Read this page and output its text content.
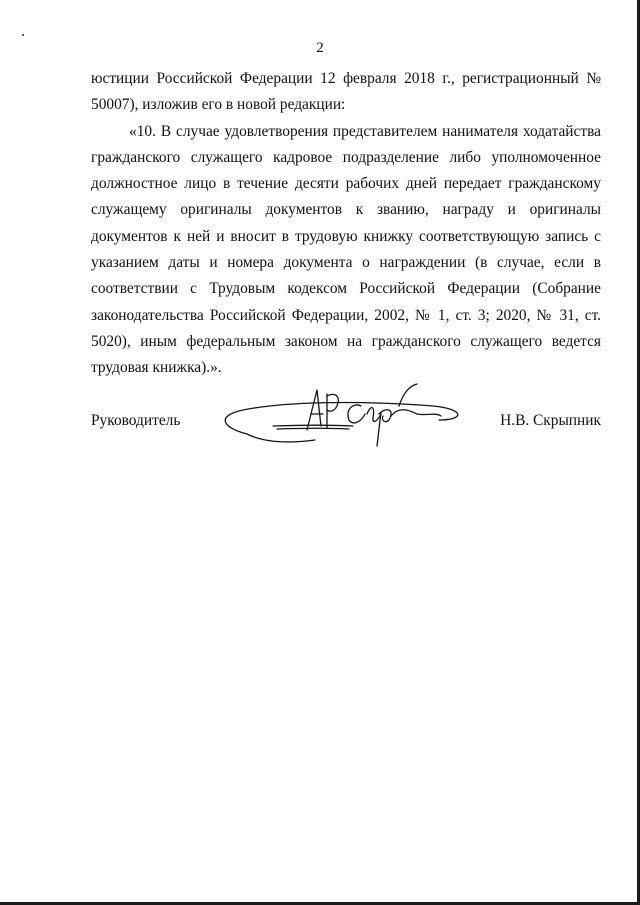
2

юстиции Российской Федерации 12 февраля 2018 г., регистрационный № 50007), изложив его в новой редакции:

«10. В случае удовлетворения представителем нанимателя ходатайства гражданского служащего кадровое подразделение либо уполномоченное должностное лицо в течение десяти рабочих дней передает гражданскому служащему оригиналы документов к званию, награду и оригиналы документов к ней и вносит в трудовую книжку соответствующую запись с указанием даты и номера документа о награждении (в случае, если в соответствии с Трудовым кодексом Российской Федерации (Собрание законодательства Российской Федерации, 2002, № 1, ст. 3; 2020, № 31, ст. 5020), иным федеральным законом на гражданского служащего ведется трудовая книжка).».

Руководитель	Н.В. Скрыпник
